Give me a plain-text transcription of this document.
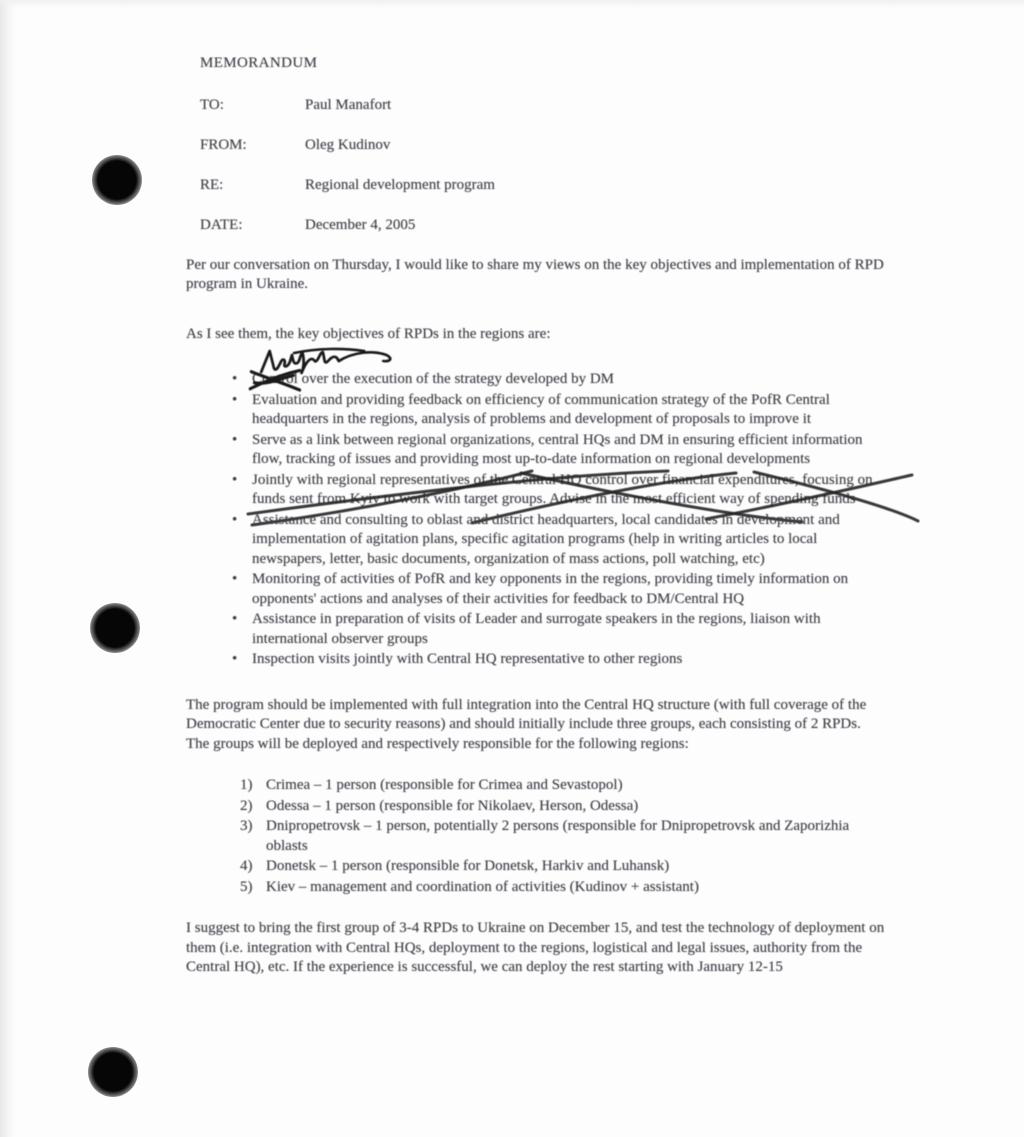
MEMORANDUM

TO:	Paul Manafort
FROM:	Oleg Kudinov
RE:	Regional development program
DATE:	December 4, 2005

Per our conversation on Thursday, I would like to share my views on the key objectives and implementation of RPD program in Ukraine.

As I see them, the key objectives of RPDs in the regions are:

• Control
over the execution of the strategy developed by DM
• Evaluation and providing feedback on efficiency of communication strategy of the PofR Central headquarters in the regions, analysis of problems and development of proposals to improve it
• Serve as a link between regional organizations, central HQs and DM in ensuring efficient information flow, tracking of issues and providing most up-to-date information on regional developments
• Jointly with regional representatives of the Central HQ control over financial expenditures, focusing on funds sent from Kyiv to work with target groups. Advise in the most efficient way of spending funds
• Assistance and consulting to oblast and district headquarters, local candidates in development and implementation of agitation plans, specific agitation programs (help in writing articles to local newspapers, letter, basic documents, organization of mass actions, poll watching, etc)
• Monitoring of activities of PofR and key opponents in the regions, providing timely information on opponents' actions and analyses of their activities for feedback to DM/Central HQ
• Assistance in preparation of visits of Leader and surrogate speakers in the regions, liaison with international observer groups
• Inspection visits jointly with Central HQ representative to other regions

The program should be implemented with full integration into the Central HQ structure (with full coverage of the Democratic Center due to security reasons) and should initially include three groups, each consisting of 2 RPDs. The groups will be deployed and respectively responsible for the following regions:

1) Crimea – 1 person (responsible for Crimea and Sevastopol)
2) Odessa – 1 person (responsible for Nikolaev, Herson, Odessa)
3) Dnipropetrovsk – 1 person, potentially 2 persons (responsible for Dnipropetrovsk and Zaporizhia oblasts
4) Donetsk – 1 person (responsible for Donetsk, Harkiv and Luhansk)
5) Kiev – management and coordination of activities (Kudinov + assistant)

I suggest to bring the first group of 3-4 RPDs to Ukraine on December 15, and test the technology of deployment on them (i.e. integration with Central HQs, deployment to the regions, logistical and legal issues, authority from the Central HQ), etc. If the experience is successful, we can deploy the rest starting with January 12-15
